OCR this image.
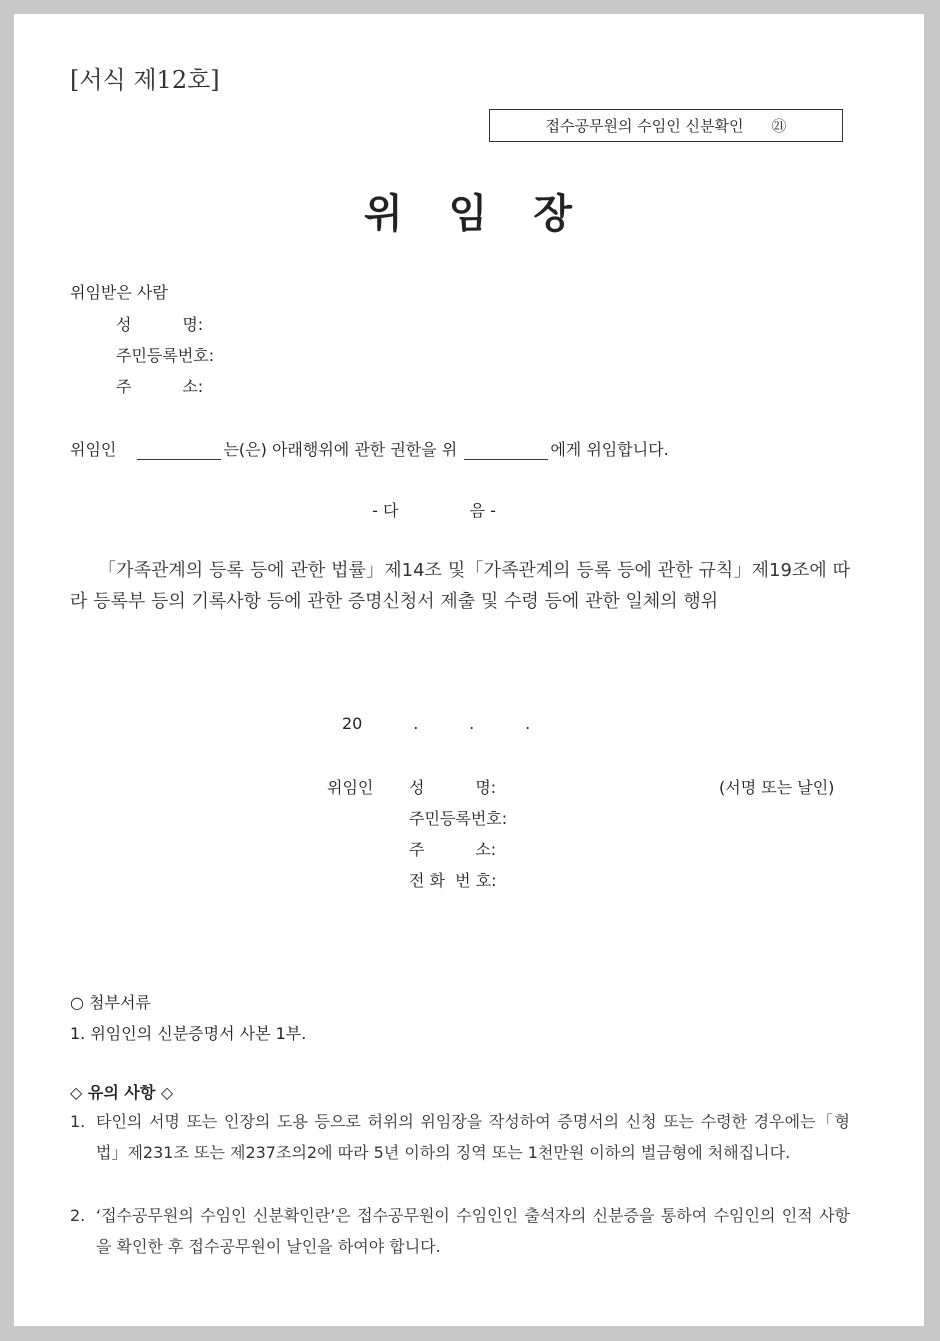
[서식 제12호]
접수공무원의 수임인 신분확인 ㉑
위 임 장
위임받은 사람
성          명:
주민등록번호:
주          소:
위임인	는(은) 아래행위에 관한 권한을 위	에게 위임합니다.
- 다              음 -
「가족관계의 등록 등에 관한 법률」제14조 및「가족관계의 등록 등에 관한 규칙」제19조에 따라 등록부 등의 기록사항 등에 관한 증명신청서 제출 및 수령 등에 관한 일체의 행위
20          .          .          .
위임인 성          명:	(서명 또는 날인)
주민등록번호:
주          소:
전 화  번 호:
○ 첨부서류
1. 위임인의 신분증명서 사본 1부.
◇ 유의 사항 ◇
1. 타인의 서명 또는 인장의 도용 등으로 허위의 위임장을 작성하여 증명서의 신청 또는 수령한 경우에는「형법」제231조 또는 제237조의2에 따라 5년 이하의 징역 또는 1천만원 이하의 벌금형에 처해집니다.
2. ‘접수공무원의 수임인 신분확인란’은 접수공무원이 수임인인 출석자의 신분증을 통하여 수임인의 인적 사항을 확인한 후 접수공무원이 날인을 하여야 합니다.
